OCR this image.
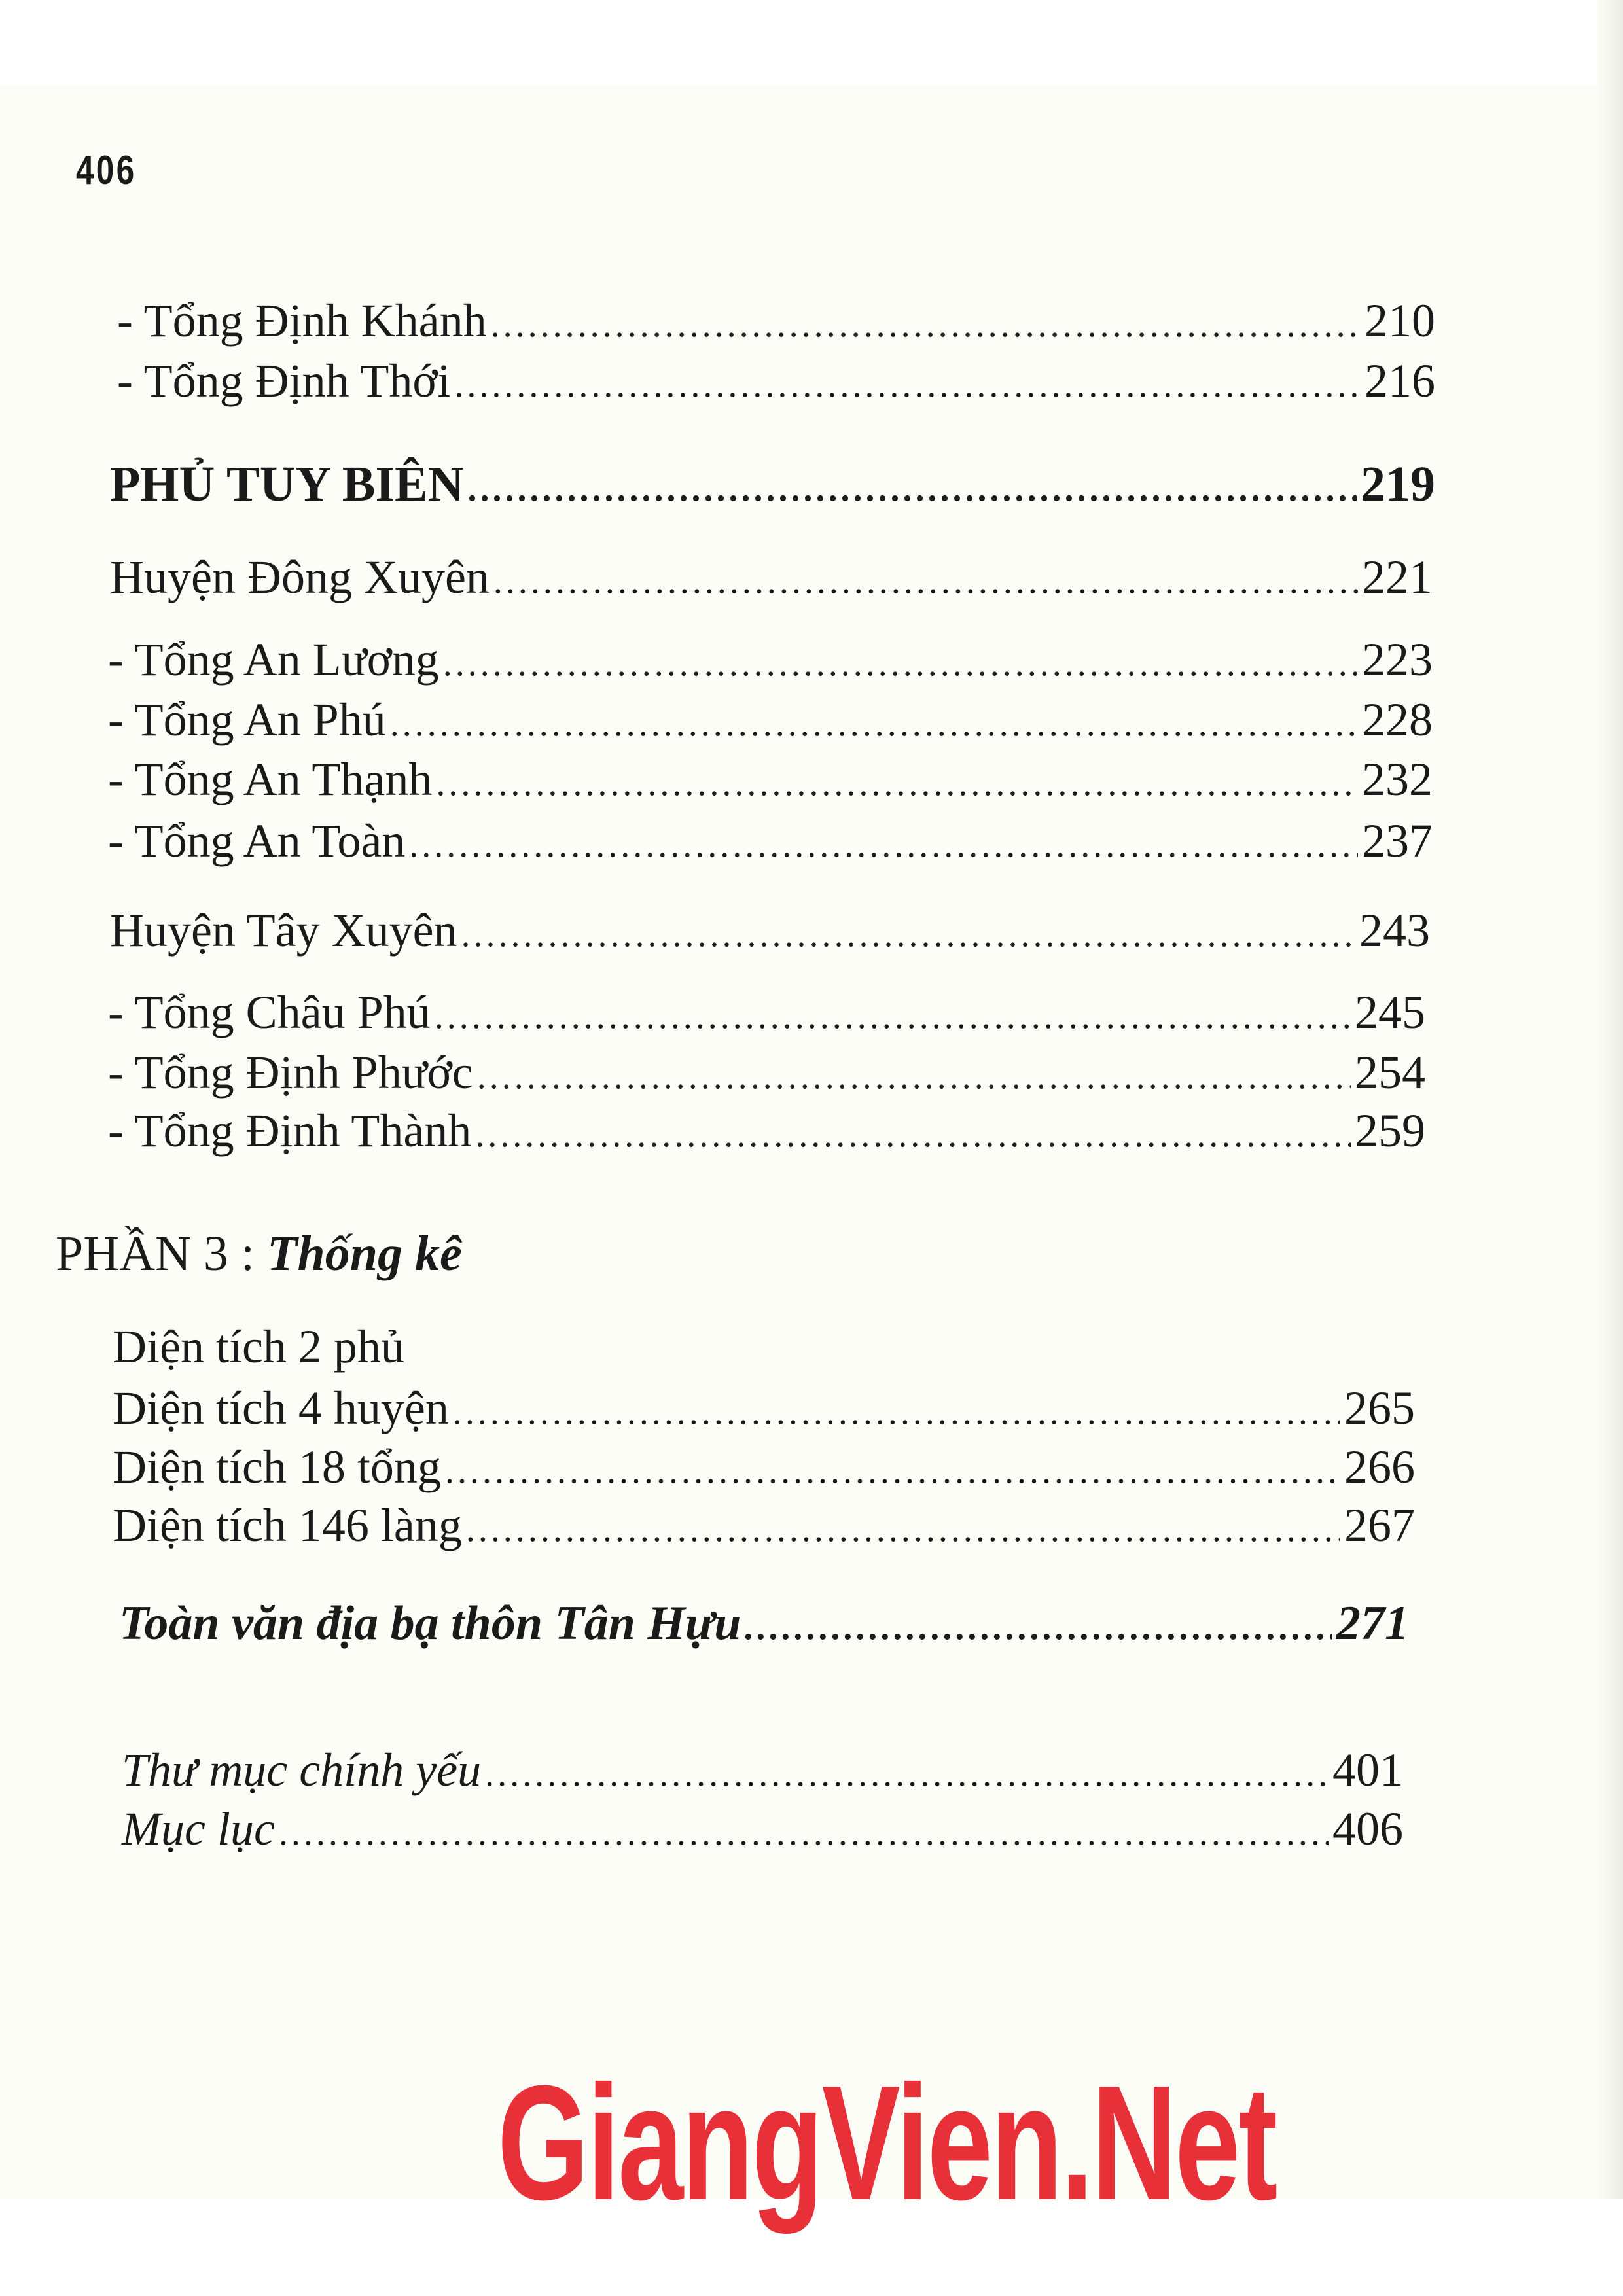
406
- Tổng Định Khánh .....	210
- Tổng Định Thới .....	216
PHỦ TUY BIÊN .....	219
Huyện Đông Xuyên .....	221
- Tổng An Lương .....	223
- Tổng An Phú .....	228
- Tổng An Thạnh .....	232
- Tổng An Toàn .....	237
Huyện Tây Xuyên .....	243
- Tổng Châu Phú .....	245
- Tổng Định Phước .....	254
- Tổng Định Thành .....	259
PHẦN 3 : Thống kê
Diện tích 2 phủ
Diện tích 4 huyện .....	265
Diện tích 18 tổng .....	266
Diện tích 146 làng .....	267
Toàn văn địa bạ thôn Tân Hựu .....	271
Thư mục chính yếu .....	401
Mục lục .....	406
GiangVien.Net
